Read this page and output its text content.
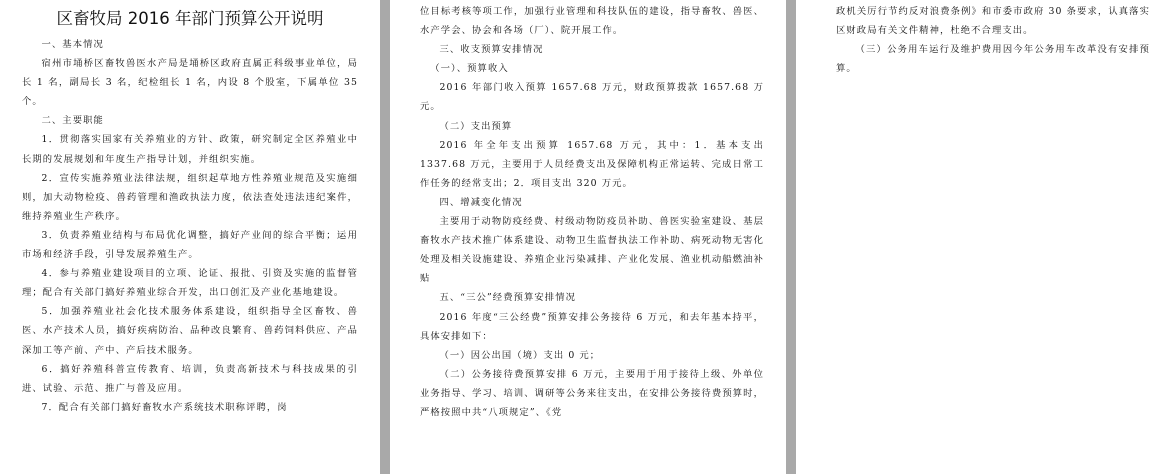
区畜牧局 2016 年部门预算公开说明

一、基本情况

宿州市埇桥区畜牧兽医水产局是埇桥区政府直属正科级事业单位，局长 1 名，副局长 3 名，纪检组长 1 名，内设 8 个股室，下属单位 35 个。

二、主要职能

1．贯彻落实国家有关养殖业的方针、政策，研究制定全区养殖业中长期的发展规划和年度生产指导计划，并组织实施。

2．宣传实施养殖业法律法规，组织起草地方性养殖业规范及实施细则，加大动物检疫、兽药管理和渔政执法力度，依法查处违法违纪案件，维持养殖业生产秩序。

3．负责养殖业结构与布局优化调整，搞好产业间的综合平衡；运用市场和经济手段，引导发展养殖生产。

4．参与养殖业建设项目的立项、论证、报批、引资及实施的监督管理；配合有关部门搞好养殖业综合开发，出口创汇及产业化基地建设。

5．加强养殖业社会化技术服务体系建设，组织指导全区畜牧、兽医、水产技术人员，搞好疾病防治、品种改良繁育、兽药饲料供应、产品深加工等产前、产中、产后技术服务。

6．搞好养殖科普宣传教育、培训，负责高新技术与科技成果的引进、试验、示范、推广与普及应用。

7．配合有关部门搞好畜牧水产系统技术职称评聘，岗

位目标考核等项工作，加强行业管理和科技队伍的建设，指导畜牧、兽医、水产学会、协会和各场（厂）、院开展工作。

三、收支预算安排情况

（一）、预算收入

2016 年部门收入预算 1657.68 万元，财政预算拨款 1657.68 万元。

（二）支出预算

2016 年全年支出预算 1657.68 万元，其中：1．基本支出 1337.68 万元，主要用于人员经费支出及保障机构正常运转、完成日常工作任务的经常支出；2．项目支出 320 万元。

四、增减变化情况

主要用于动物防疫经费、村级动物防疫员补助、兽医实验室建设、基层畜牧水产技术推广体系建设、动物卫生监督执法工作补助、病死动物无害化处理及相关设施建设、养殖企业污染减排、产业化发展、渔业机动船燃油补贴

五、“三公”经费预算安排情况

2016 年度“三公经费”预算安排公务接待 6 万元，和去年基本持平，具体安排如下：

（一）因公出国（境）支出 0 元；

（二）公务接待费预算安排 6 万元，主要用于用于接待上级、外单位业务指导、学习、培训、调研等公务来往支出，在安排公务接待费预算时，严格按照中共“八项规定”、《党

政机关厉行节约反对浪费条例》和市委市政府 30 条要求，认真落实区财政局有关文件精神，杜绝不合理支出。

（三）公务用车运行及维护费用因今年公务用车改革没有安排预算。
